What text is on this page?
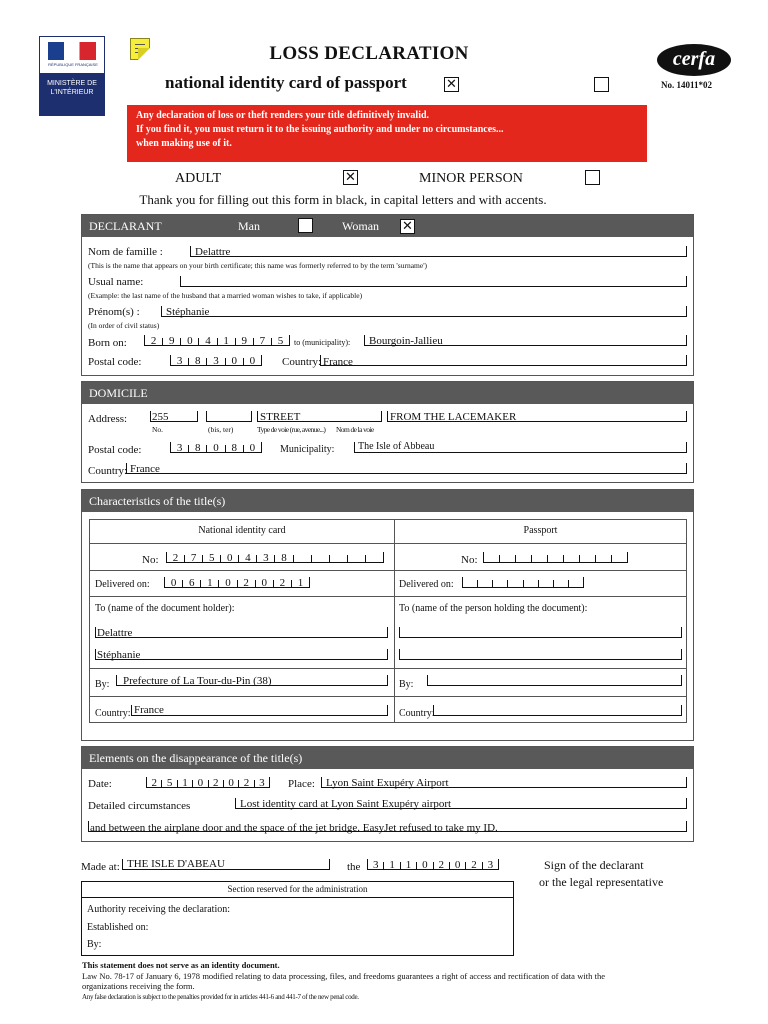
RÉPUBLIQUE FRANÇAISE
MINISTÈRE DE L'INTÉRIEUR
LOSS DECLARATION
national identity card of passport	✕
cerfa
No. 14011*02
Any declaration of loss or theft renders your title definitively invalid.
If you find it, you must return it to the issuing authority and under no circumstances...
when making use of it.
ADULT	✕	MINOR PERSON
Thank you for filling out this form in black, in capital letters and with accents.
DECLARANT	Man	Woman ✕
Nom de famille :	Delattre
(This is the name that appears on your birth certificate; this name was formerly referred to by the term 'surname')
Usual name:
(Example: the last name of the husband that a married woman wishes to take, if applicable)
Prénom(s) : Stéphanie
(In order of civil status)
Born on:	2	9	0	4	1	9	7	5	to (municipality): Bourgoin-Jallieu
Postal code:	3	8	3	0	0	Country: France
DOMICILE
Address: 255	STREET	FROM THE LACEMAKER
No.	(bis, ter)	Type de voie (rue, avenue...) Nom de la voie
Postal code:	3	8	0	8	0	Municipality: The Isle of Abbeau
Country: France
Characteristics of the title(s)
National identity card
No:	2	7	5	0	4	3	8
Delivered on:	0	6	1	0	2	0	2	1
To (name of the document holder):
Delattre
Stéphanie
By: Prefecture of La Tour-du-Pin (38)
Country: France
Passport
No:
Delivered on:
To (name of the person holding the document):
By:
Country:
Elements on the disappearance of the title(s)
Date:	2 5 1 0 2 0 2 3	Place: Lyon Saint Exupéry Airport
Detailed circumstances	Lost identity card at Lyon Saint Exupéry airport
and between the airplane door and the space of the jet bridge. EasyJet refused to take my ID.
Made at: THE ISLE D'ABEAU	the	3 1 1 0 2 0 2 3	Sign of the declarant
or the legal representative
Section reserved for the administration
Authority receiving the declaration:
Established on:
By:
This statement does not serve as an identity document.
Law No. 78-17 of January 6, 1978 modified relating to data processing, files, and freedoms guarantees a right of access and rectification of data with the organizations receiving the form.
Any false declaration is subject to the penalties provided for in articles 441-6 and 441-7 of the new penal code.
